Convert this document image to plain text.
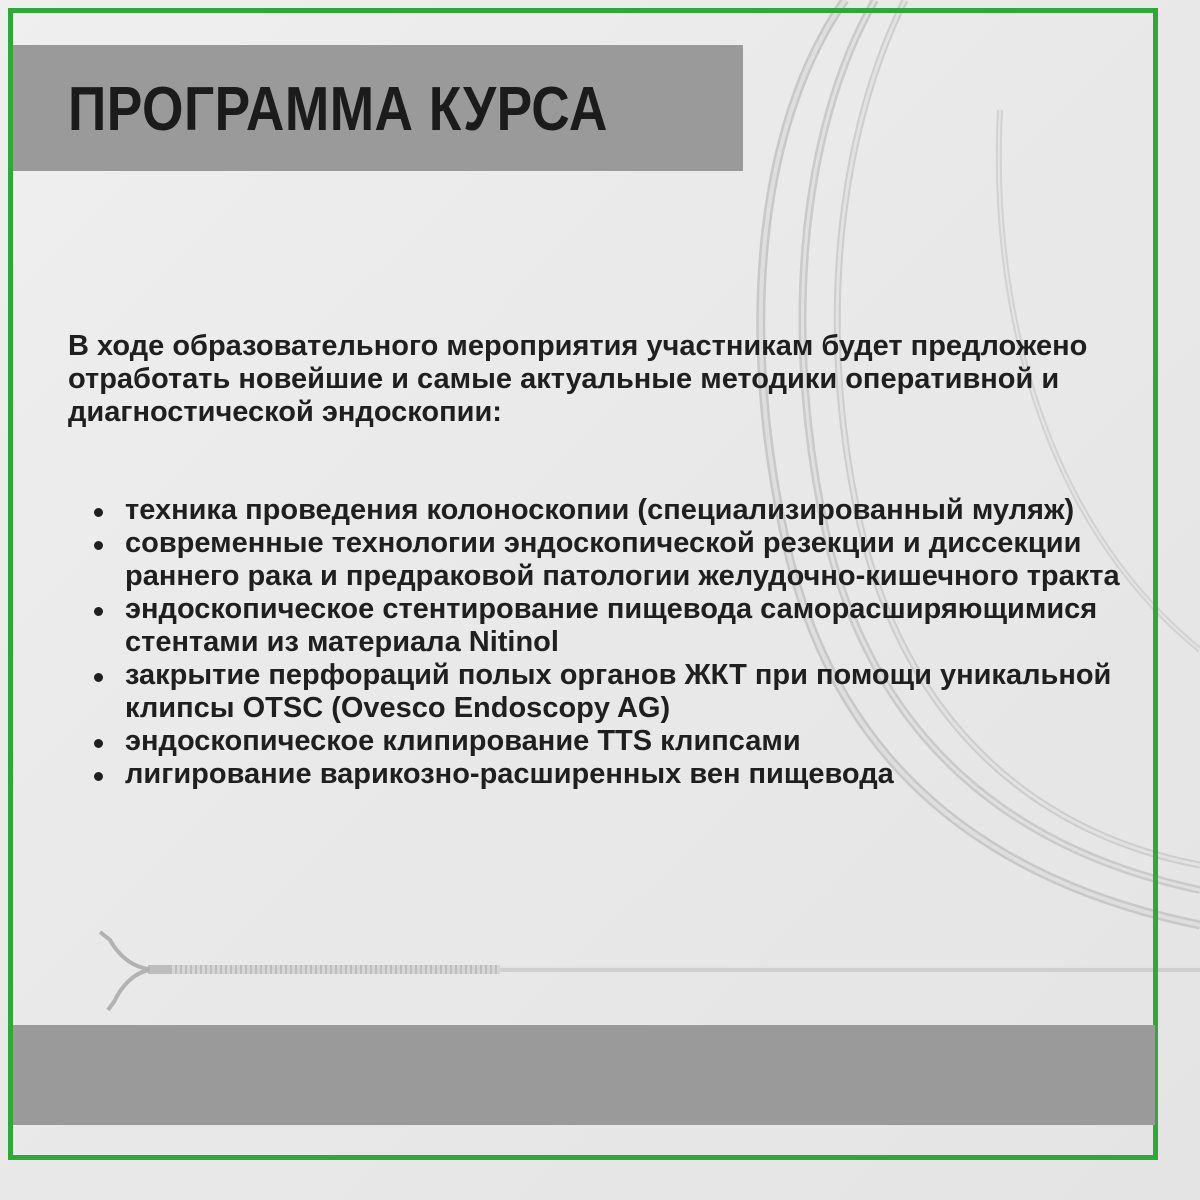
ПРОГРАММА КУРСА

В ходе образовательного мероприятия участникам будет предложено отработать новейшие и самые актуальные методики оперативной и диагностической эндоскопии:

техника проведения колоноскопии (специализированный муляж)
современные технологии эндоскопической резекции и диссекции раннего рака и предраковой патологии желудочно-кишечного тракта
эндоскопическое стентирование пищевода саморасширяющимися стентами из материала Nitinol
закрытие перфораций полых органов ЖКТ при помощи уникальной клипсы OTSC (Ovesco Endoscopy AG)
эндоскопическое клипирование TTS клипсами
лигирование варикозно-расширенных вен пищевода
